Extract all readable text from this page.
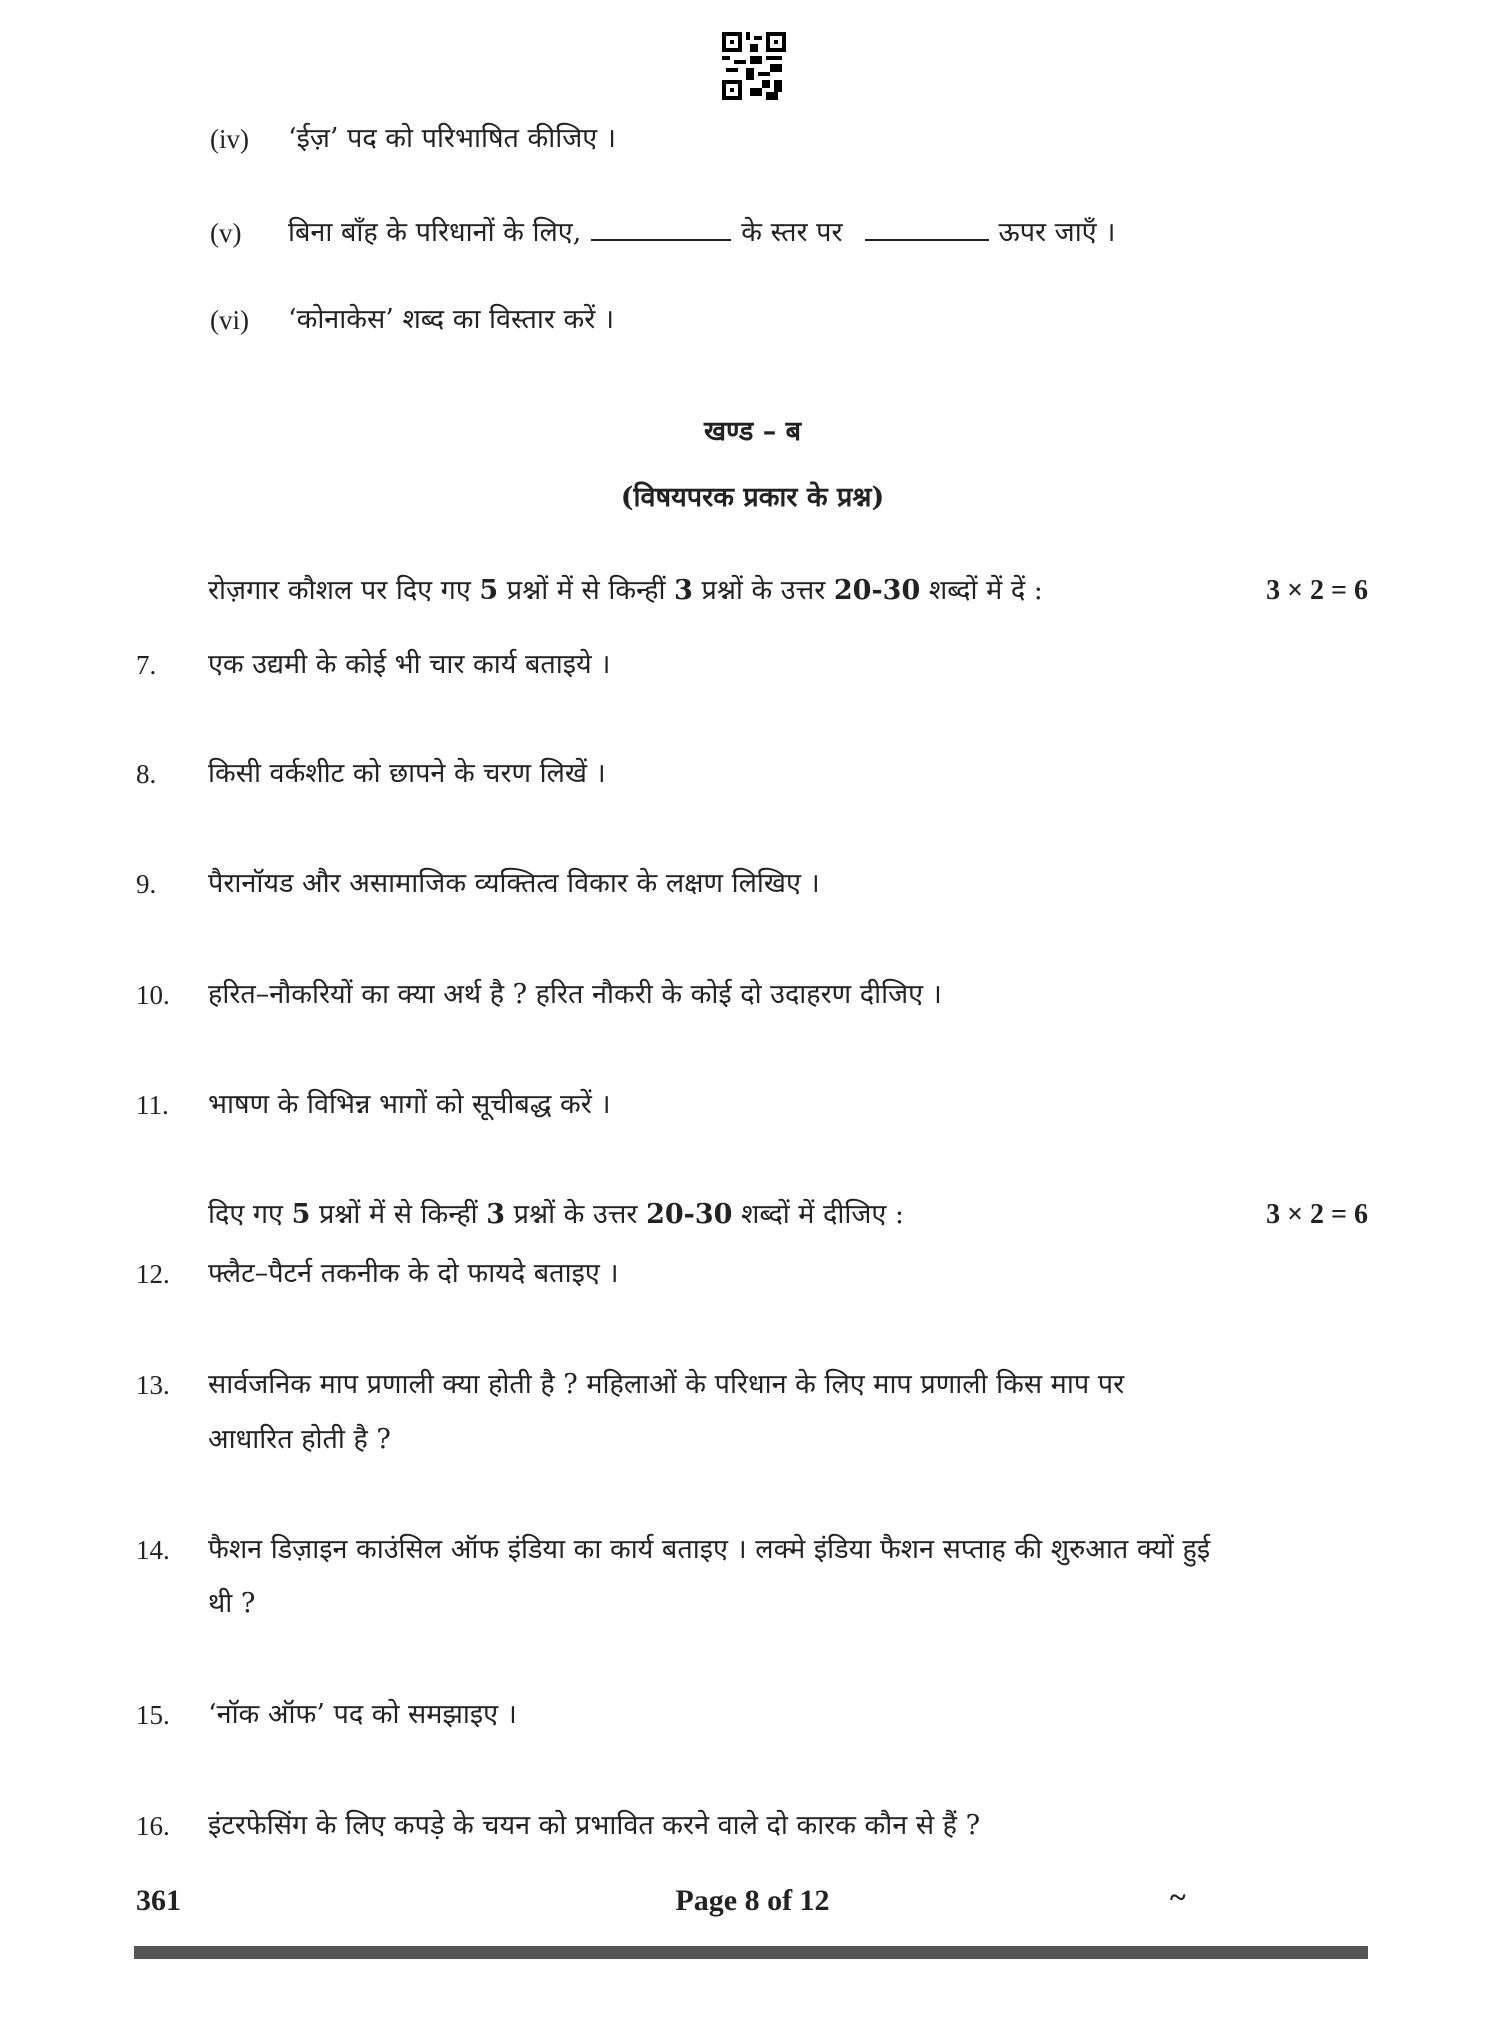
(iv) ‘ईज़’ पद को परिभाषित कीजिए ।
(v) बिना बाँह के परिधानों के लिए,	के स्तर पर	ऊपर जाएँ ।
(vi) ‘कोनाकेस’ शब्द का विस्तार करें ।
खण्ड – ब
(विषयपरक प्रकार के प्रश्न)
रोज़गार कौशल पर दिए गए 5 प्रश्नों में से किन्हीं 3 प्रश्नों के उत्तर 20-30 शब्दों में दें :	3 × 2 = 6
7. एक उद्यमी के कोई भी चार कार्य बताइये ।
8. किसी वर्कशीट को छापने के चरण लिखें ।
9. पैरानॉयड और असामाजिक व्यक्तित्व विकार के लक्षण लिखिए ।
10. हरित–नौकरियों का क्या अर्थ है ? हरित नौकरी के कोई दो उदाहरण दीजिए ।
11. भाषण के विभिन्न भागों को सूचीबद्ध करें ।
दिए गए 5 प्रश्नों में से किन्हीं 3 प्रश्नों के उत्तर 20-30 शब्दों में दीजिए :	3 × 2 = 6
12. फ्लैट–पैटर्न तकनीक के दो फायदे बताइए ।
13. सार्वजनिक माप प्रणाली क्या होती है ? महिलाओं के परिधान के लिए माप प्रणाली किस माप पर
आधारित होती है ?
14. फैशन डिज़ाइन काउंसिल ऑफ इंडिया का कार्य बताइए । लक्मे इंडिया फैशन सप्ताह की शुरुआत क्यों हुई
थी ?
15. ‘नॉक ऑफ’ पद को समझाइए ।
16. इंटरफेसिंग के लिए कपड़े के चयन को प्रभावित करने वाले दो कारक कौन से हैं ?
361	Page 8 of 12	~
